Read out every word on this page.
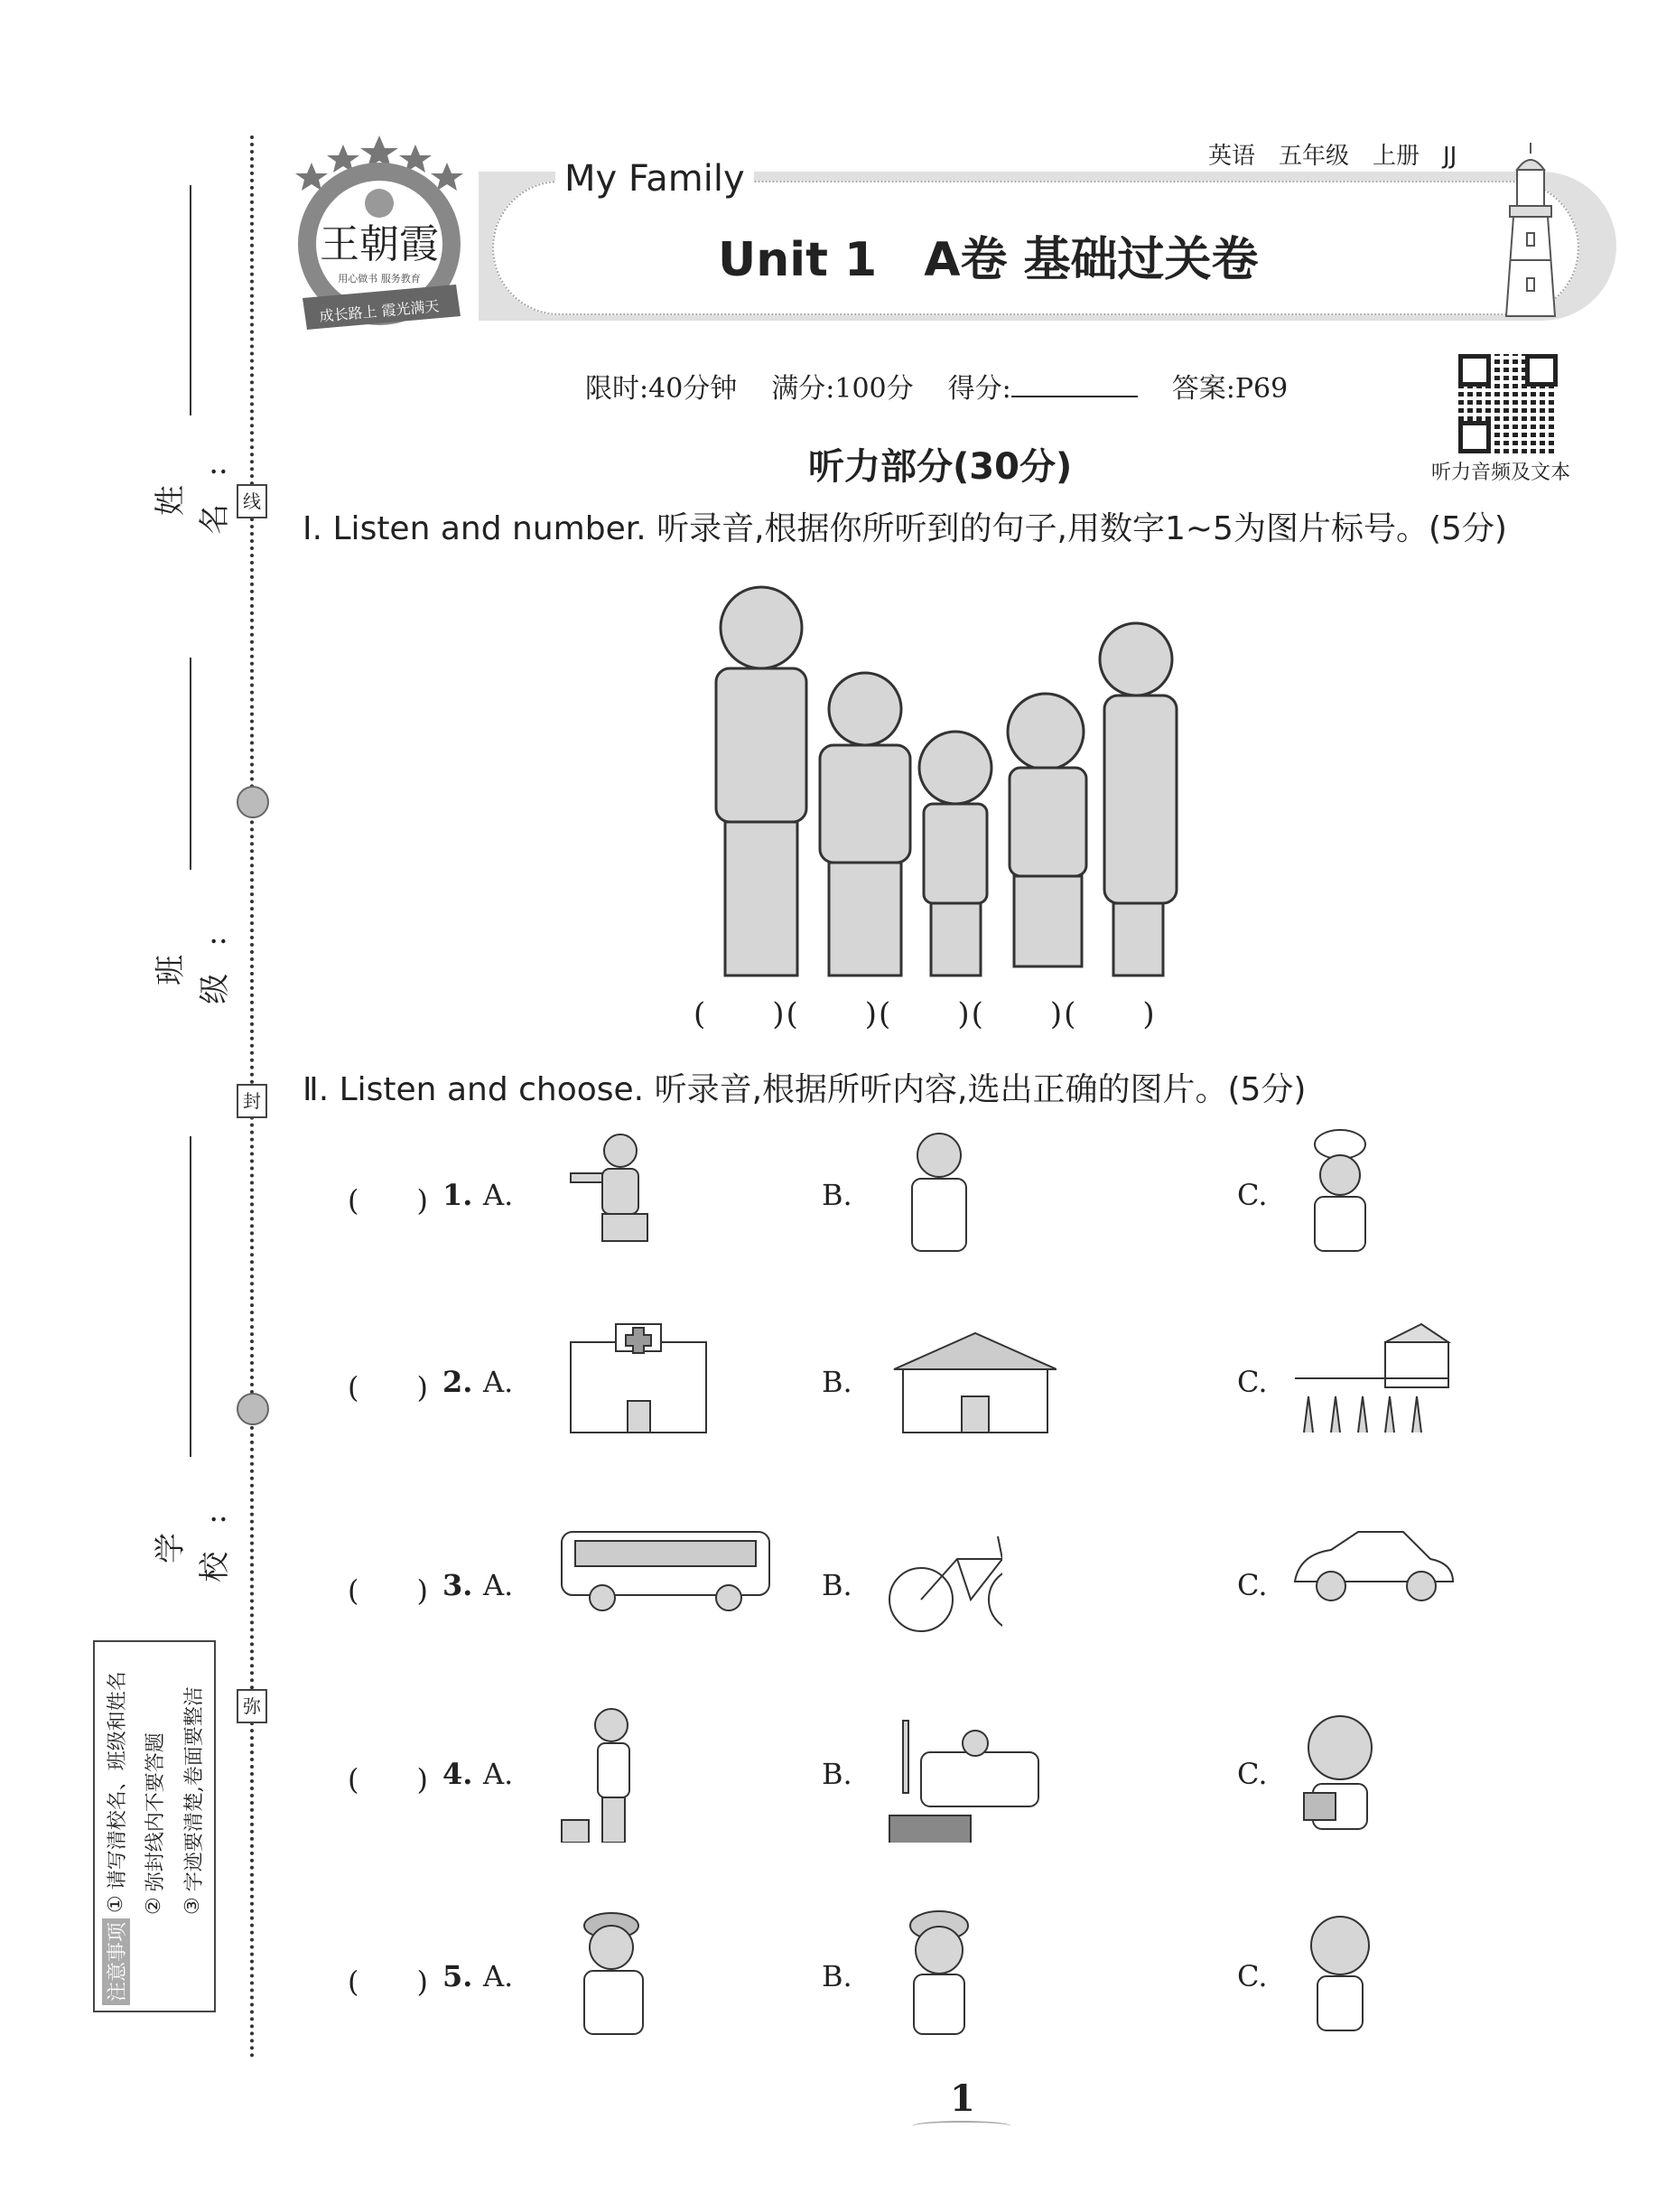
线
封
弥
姓名:
班级:
学校:
注意事项
①
请写清校名、班级和姓名
②
弥封线内不要答题
③
字迹要清楚,卷面要整洁
王朝霞
用心做书 服务教育
成长路上 霞光满天
英语　五年级　上册　JJ
My Family
Unit 1　A卷 基础过关卷
限时:40分钟 满分:100分 得分:	答案:P69
听力音频及文本
听力部分(30分)
Ⅰ. Listen and number. 听录音,根据你所听到的句子,用数字1~5为图片标号。(5分)
(　　)(　　)(　　)(　　)(　　)
Ⅱ. Listen and choose. 听录音,根据所听内容,选出正确的图片。(5分)
(　　) 1. A.	B.	C.
(　　) 2. A.	B.	C.
(　　) 3. A.	B.	C.
(　　) 4. A.	B.	C.
(　　) 5. A.	B.	C.
1
